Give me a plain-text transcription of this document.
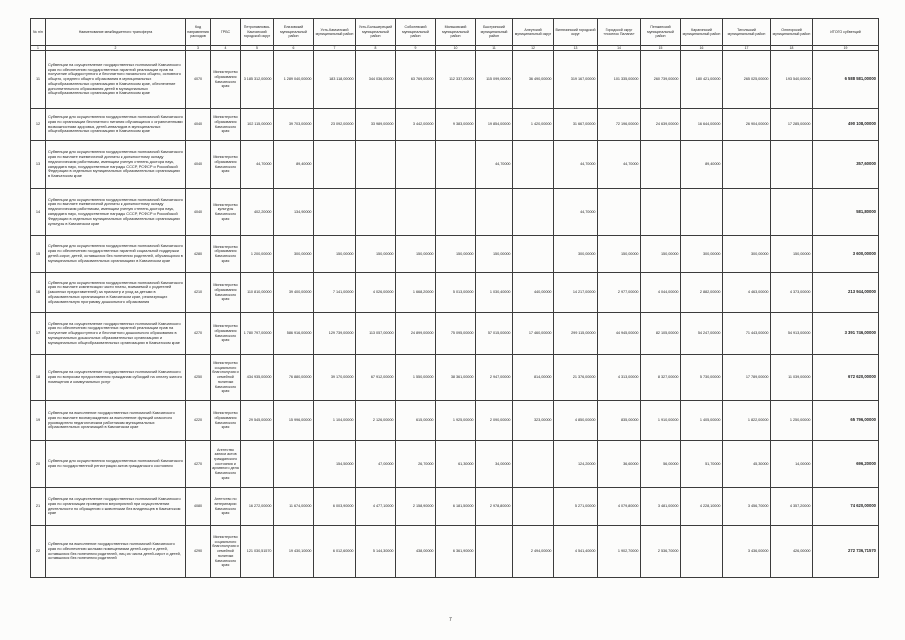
№ п/п	Наименование межбюджетного трансферта	Код направления расходов	ГРБС	Петропавловск-Камчатский городской округ	Елизовский муниципальный район	Усть-Камчатский муниципальный район	Усть-Большерецкий муниципальный район	Соболевский муниципальный район	Мильковский муниципальный район	Быстринский муниципальный район	Алеутский муниципальный округ	Вилючинский городской округ	Городской округ «поселок Палана»	Пенжинский муниципальный район	Карагинский муниципальный район	Тигильский муниципальный район	Олюторский муниципальный район	ИТОГО субвенций
1	2	3	4	5	6	7	8	9	10	11	12	13	14	15	16	17	18	19
11	Субвенции на осуществление государственных полномочий Камчатского края по обеспечению государственных гарантий реализации прав на получение общедоступного и бесплатного начального общего, основного общего, среднего общего образования в муниципальных общеобразовательных организациях в Камчатском крае, обеспечение дополнительного образования детей в муниципальных общеобразовательных организациях в Камчатском крае	4070	Министерство образования Камчатского края	3 185 312,00000	1 289 040,00000	183 118,00000	344 036,00000	63 769,00000	112 337,00000	115 099,00000	36 490,00000	319 167,00000	101 335,00000	260 739,00000	180 421,00000	265 025,00000	193 540,00000	6 588 581,00000
12	Субвенции для осуществления государственных полномочий Камчатского края по организации бесплатного питания обучающихся с ограниченными возможностями здоровья, детей-инвалидов в муниципальных общеобразовательных организациях в Камчатском крае	4040	Министерство образования Камчатского края	102 115,00000	39 703,00000	23 092,00000	33 989,00000	3 442,00000	9 383,00000	19 854,00000	1 420,00000	31 667,00000	72 196,00000	24 639,00000	16 644,00000	26 904,00000	17 285,00000	490 108,00000
13	Субвенции для осуществления государственных полномочий Камчатского края по выплате ежемесячной доплаты к должностному окладу педагогическим работникам, имеющим ученую степень доктора наук, кандидата наук, государственные награды СССР, РСФСР и Российской Федерации в отдельных муниципальных образовательных организациях в Камчатском крае	4040	Министерство образования Камчатского края	44,70000	89,40000					44,70000		44,70000	44,70000		89,40000			357,60000
14	Субвенции для осуществления государственных полномочий Камчатского края по выплате ежемесячной доплаты к должностному окладу педагогическим работникам, имеющим ученую степень доктора наук, кандидата наук, государственные награды СССР, РСФСР и Российской Федерации в отдельных муниципальных образовательных организациях культуры в Камчатском крае	4040	Министерство культуры Камчатского края	402,20000	134,90000							44,70000						581,80000
15	Субвенции для осуществления государственных полномочий Камчатского края по обеспечению государственных гарантий социальной поддержки детей-сирот, детей, оставшихся без попечения родителей, обучающихся в муниципальных образовательных организациях в Камчатском крае	4280	Министерство образования Камчатского края	1 200,00000	300,00000	150,00000	150,00000	150,00000	150,00000	150,00000		300,00000	150,00000	150,00000	300,00000	300,00000	150,00000	3 600,00000
16	Субвенции для осуществления государственных полномочий Камчатского края по выплате компенсации части платы, взимаемой с родителей (законных представителей) за присмотр и уход за детьми в образовательных организациях в Камчатском крае, реализующих образовательную программу дошкольного образования	4210	Министерство образования Камчатского края	110 810,00000	39 400,00000	7 141,00000	4 026,00000	1 668,20000	5 013,00000	1 030,40000	440,00000	14 217,00000	2 977,00000	4 044,00000	2 882,00000	4 463,00000	4 373,00000	213 944,00000
17	Субвенции на осуществление государственных полномочий Камчатского края по обеспечению государственных гарантий реализации прав на получение общедоступного и бесплатного дошкольного образования в муниципальных дошкольных образовательных организациях и муниципальных общеобразовательных организациях в Камчатском крае	4270	Министерство образования Камчатского края	1 780 797,00000	586 916,00000	129 739,00000	113 057,00000	24 899,00000	75 095,00000	57 015,00000	17 460,00000	299 115,00000	44 945,00000	82 105,00000	54 247,00000	71 443,00000	54 913,00000	3 391 746,00000
18	Субвенции на осуществление государственных полномочий Камчатского края по вопросам предоставления гражданам субсидий на оплату жилого помещения и коммунальных услуг	4250	Министерство социального благополучия и семейной политики Камчатского края	434 935,00000	76 880,00000	39 170,00000	67 912,00000	1 550,00000	38 361,00000	2 947,00000	814,00000	21 376,00000	4 313,00000	8 327,00000	5 730,00000	17 789,00000	11 039,00000	672 620,00000
19	Субвенции на выполнение государственных полномочий Камчатского края по выплате вознаграждения за выполнение функций классного руководителя педагогическим работникам муниципальных образовательных организаций в Камчатском крае	4220	Министерство образования Камчатского края	29 545,00000	15 996,00000	1 104,00000	2 126,00000	615,00000	1 925,00000	2 090,00000	323,00000	4 850,00000	835,00000	1 910,00000	1 405,00000	1 822,00000	1 250,00000	65 796,00000
20	Субвенции для осуществления государственных полномочий Камчатского края по государственной регистрации актов гражданского состояния	4270	Агентство записи актов гражданского состояния и архивного дела Камчатского края			154,50000	47,00000	26,70000	61,30000	34,00000		124,20000	36,60000	56,00000	51,70000	45,30000	14,00000	696,20000
21	Субвенции на осуществление государственных полномочий Камчатского края по организации проведения мероприятий при осуществлении деятельности по обращению с животными без владельцев в Камчатском крае	4080	Агентство по ветеринарии Камчатского края	16 272,00000	11 674,00000	6 003,90000	4 477,10000	2 158,90000	6 181,50000	2 978,80000		5 271,00000	4 079,80000	3 481,00000	4 228,10000	3 456,70000	4 357,20000	74 620,00000
22	Субвенции на выполнение государственных полномочий Камчатского края по обеспечению жилыми помещениями детей-сирот и детей, оставшихся без попечения родителей, лиц из числа детей-сирот и детей, оставшихся без попечения родителей	4290	Министерство социального благополучия и семейной политики Камчатского края	121 030,51570	19 430,10000	6 012,60000	5 144,30000	438,00000	6 361,90000		2 494,00000	4 541,40000	1 902,70000	2 536,70000		3 436,00000	426,00000	272 736,71570
7
